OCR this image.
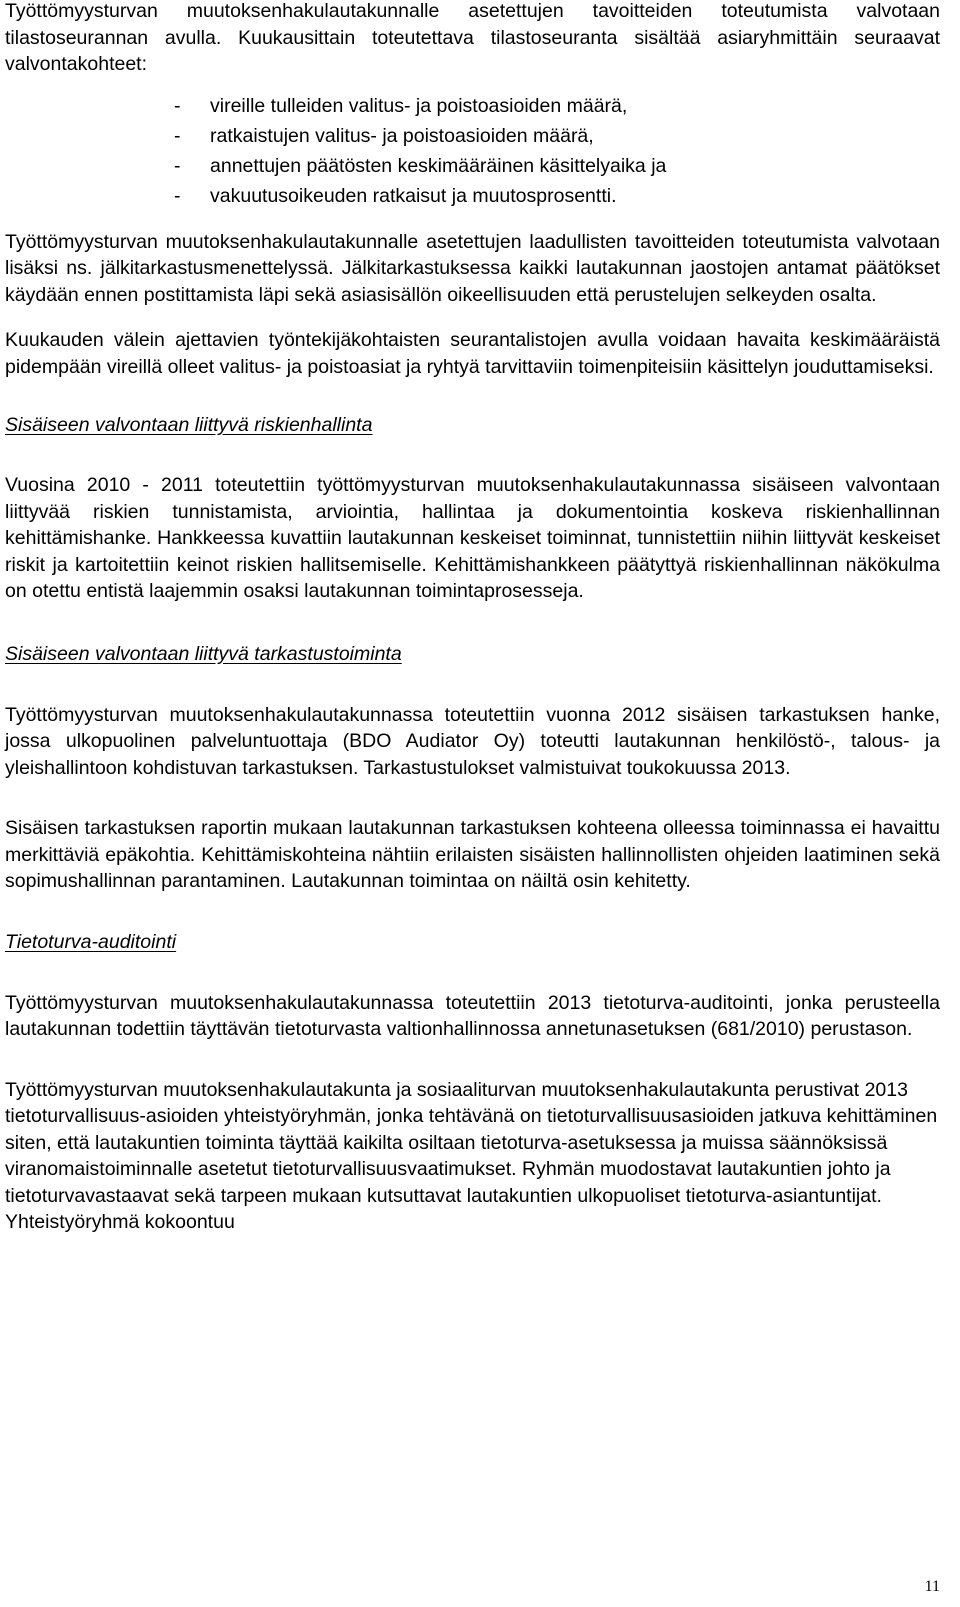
Työttömyysturvan muutoksenhakulautakunnalle asetettujen tavoitteiden toteutumista valvotaan tilastoseurannan avulla. Kuukausittain toteutettava tilastoseuranta sisältää asiaryhmittäin seuraavat valvontakohteet:

- vireille tulleiden valitus- ja poistoasioiden määrä,
- ratkaistujen valitus- ja poistoasioiden määrä,
- annettujen päätösten keskimääräinen käsittelyaika ja
- vakuutusoikeuden ratkaisut ja muutosprosentti.

Työttömyysturvan muutoksenhakulautakunnalle asetettujen laadullisten tavoitteiden toteutumista valvotaan lisäksi ns. jälkitarkastusmenettelyssä. Jälkitarkastuksessa kaikki lautakunnan jaostojen antamat päätökset käydään ennen postittamista läpi sekä asiasisällön oikeellisuuden että perustelujen selkeyden osalta.

Kuukauden välein ajettavien työntekijäkohtaisten seurantalistojen avulla voidaan havaita keskimääräistä pidempään vireillä olleet valitus- ja poistoasiat ja ryhtyä tarvittaviin toimenpiteisiin käsittelyn jouduttamiseksi.

Sisäiseen valvontaan liittyvä riskienhallinta

Vuosina 2010 - 2011 toteutettiin työttömyysturvan muutoksenhakulautakunnassa sisäiseen valvontaan liittyvää riskien tunnistamista, arviointia, hallintaa ja dokumentointia koskeva riskienhallinnan kehittämishanke. Hankkeessa kuvattiin lautakunnan keskeiset toiminnat, tunnistettiin niihin liittyvät keskeiset riskit ja kartoitettiin keinot riskien hallitsemiselle. Kehittämishankkeen päätyttyä riskienhallinnan näkökulma on otettu entistä laajemmin osaksi lautakunnan toimintaprosesseja.

Sisäiseen valvontaan liittyvä tarkastustoiminta

Työttömyysturvan muutoksenhakulautakunnassa toteutettiin vuonna 2012 sisäisen tarkastuksen hanke, jossa ulkopuolinen palveluntuottaja (BDO Audiator Oy) toteutti lautakunnan henkilöstö-, talous- ja yleishallintoon kohdistuvan tarkastuksen. Tarkastustulokset valmistuivat toukokuussa 2013.

Sisäisen tarkastuksen raportin mukaan lautakunnan tarkastuksen kohteena olleessa toiminnassa ei havaittu merkittäviä epäkohtia. Kehittämiskohteina nähtiin erilaisten sisäisten hallinnollisten ohjeiden laatiminen sekä sopimushallinnan parantaminen. Lautakunnan toimintaa on näiltä osin kehitetty.

Tietoturva-auditointi

Työttömyysturvan muutoksenhakulautakunnassa toteutettiin 2013 tietoturva-auditointi, jonka perusteella lautakunnan todettiin täyttävän tietoturvasta valtionhallinnossa annetunasetuksen (681/2010) perustason.

Työttömyysturvan muutoksenhakulautakunta ja sosiaaliturvan muutoksenhakulautakunta perustivat 2013 tietoturvallisuus-asioiden yhteistyöryhmän, jonka tehtävänä on tietoturvallisuusasioiden jatkuva kehittäminen siten, että lautakuntien toiminta täyttää kaikilta osiltaan tietoturva-asetuksessa ja muissa säännöksissä viranomaistoiminnalle asetetut tietoturvallisuusvaatimukset. Ryhmän muodostavat lautakuntien johto ja tietoturvavastaavat sekä tarpeen mukaan kutsuttavat lautakuntien ulkopuoliset tietoturva-asiantuntijat. Yhteistyöryhmä kokoontuu

11
